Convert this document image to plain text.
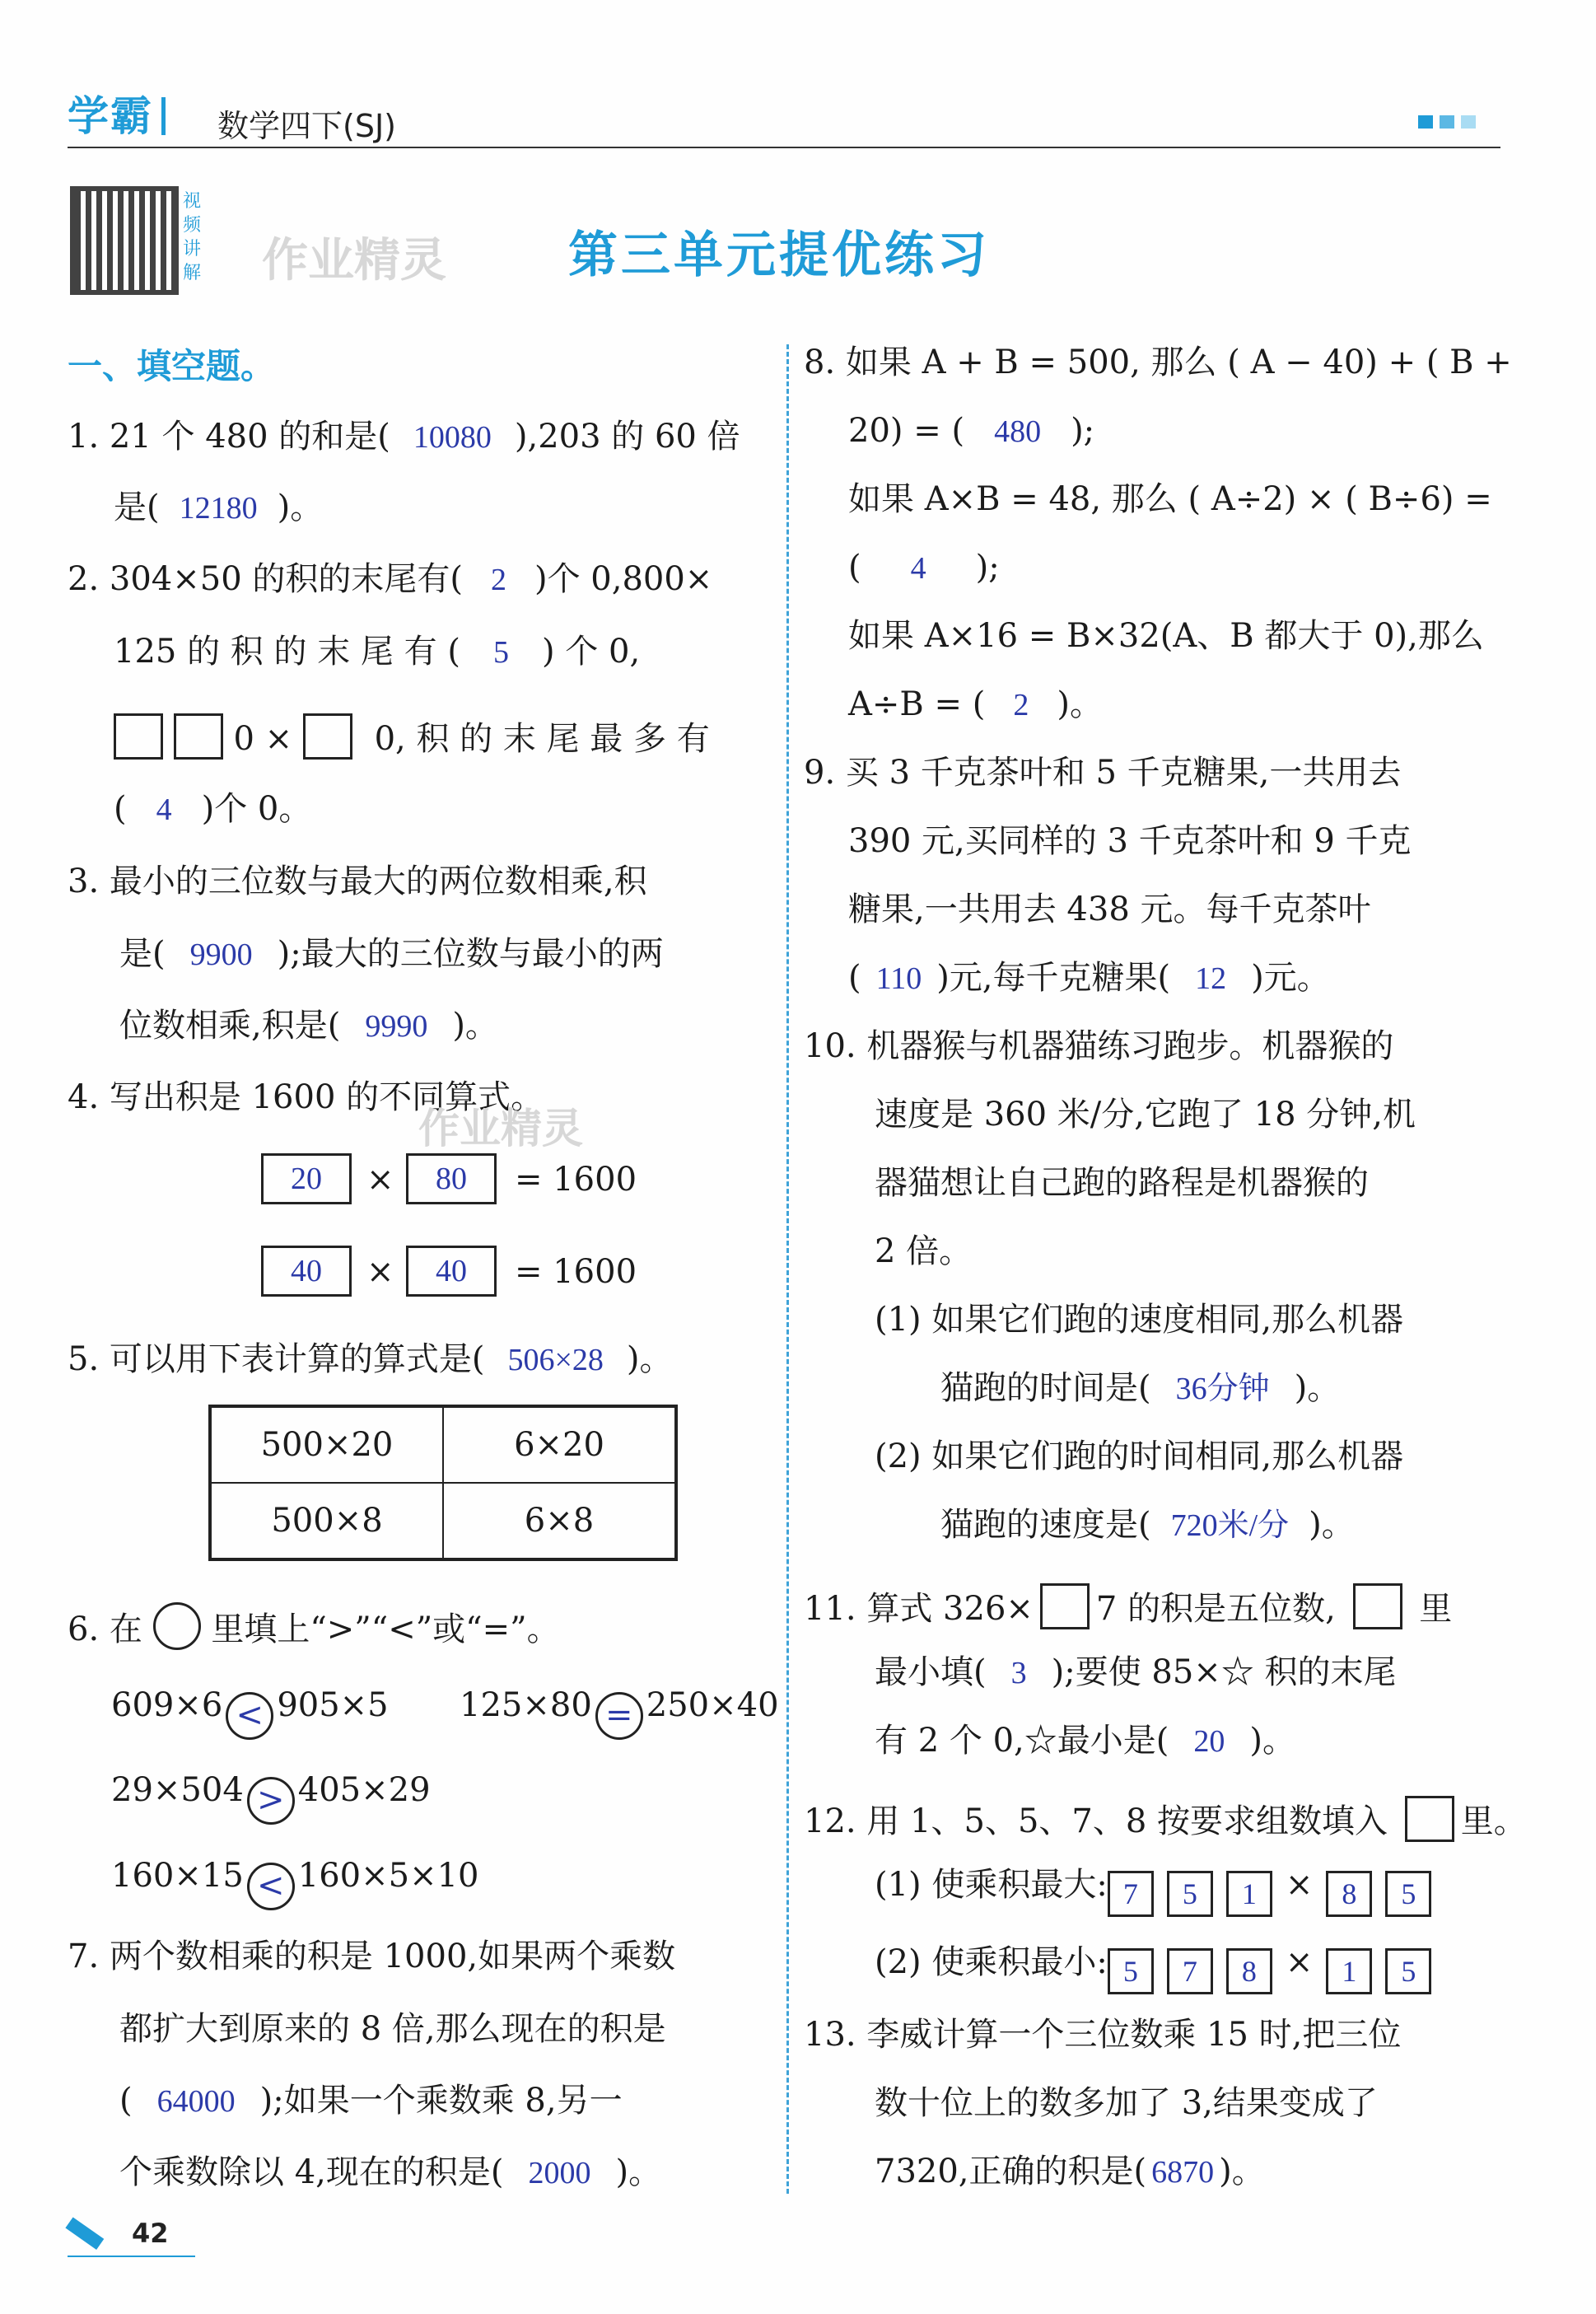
学霸	数学四下(SJ)
视频讲解 作业精灵 第三单元提优练习
一、填空题。
1. 21 个 480 的和是( 10080 ),203 的 60 倍
是( 12180 )。
2. 304×50 的积的末尾有( 2 )个 0,800×
125 的 积 的 末 尾 有 ( 5 ) 个 0,
0 × 0, 积 的 末 尾 最 多 有
( 4 )个 0。
3. 最小的三位数与最大的两位数相乘,积
是( 9900 );最大的三位数与最小的两
位数相乘,积是( 9990 )。
4. 写出积是 1600 的不同算式。
作业精灵
20	×	80	= 1600
40	×	40	= 1600
5. 可以用下表计算的算式是( 506×28 )。
500×20	6×20
500×8	6×8
6. 在 里填上“>”“<”或“=”。
609×6 < 905×5 125×80 = 250×40
29×504 > 405×29
160×15 < 160×5×10
7. 两个数相乘的积是 1000,如果两个乘数
都扩大到原来的 8 倍,那么现在的积是
( 64000 );如果一个乘数乘 8,另一
个乘数除以 4,现在的积是( 2000 )。
8. 如果 A + B = 500, 那么 ( A − 40) + ( B +
20) = ( 480 );
如果 A×B = 48, 那么 ( A÷2) × ( B÷6) =
( 4 );
如果 A×16 = B×32(A、B 都大于 0),那么
A÷B = ( 2 )。
9. 买 3 千克茶叶和 5 千克糖果,一共用去
390 元,买同样的 3 千克茶叶和 9 千克
糖果,一共用去 438 元。每千克茶叶
( 110 )元,每千克糖果( 12 )元。
10. 机器猴与机器猫练习跑步。机器猴的
速度是 360 米/分,它跑了 18 分钟,机
器猫想让自己跑的路程是机器猴的
2 倍。
(1) 如果它们跑的速度相同,那么机器
猫跑的时间是( 36分钟 )。
(2) 如果它们跑的时间相同,那么机器
猫跑的速度是( 720米/分 )。
11. 算式 326× 7 的积是五位数,	里
最小填( 3 );要使 85×☆ 积的末尾
有 2 个 0,☆最小是( 20 )。
12. 用 1、5、5、7、8 按要求组数填入 里。
(1) 使乘积最大: 7 5 1 × 8 5
(2) 使乘积最小: 5 7 8 × 1 5
13. 李威计算一个三位数乘 15 时,把三位
数十位上的数多加了 3,结果变成了
7320,正确的积是( 6870 )。
42
